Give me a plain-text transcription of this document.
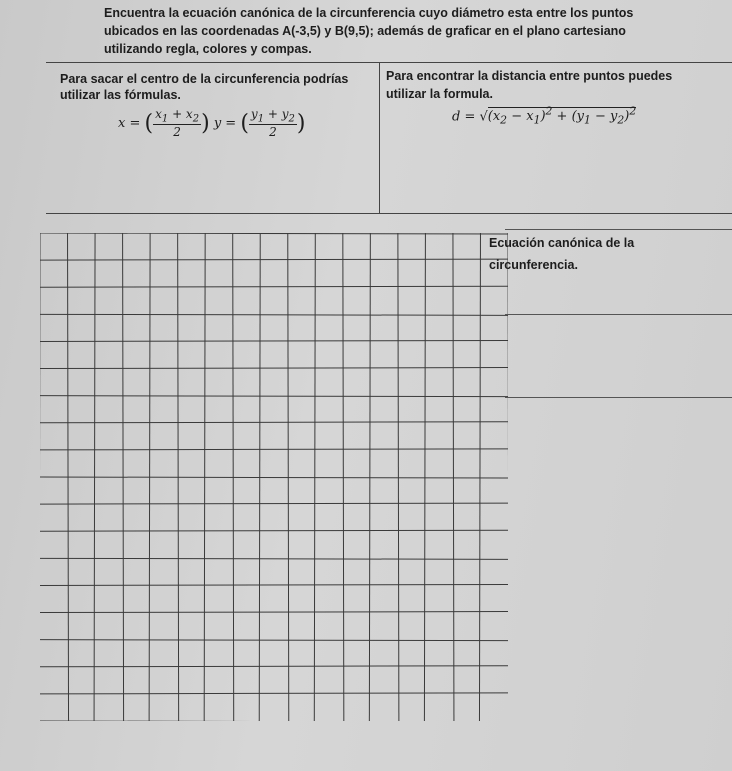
Encuentra la ecuación canónica de la circunferencia cuyo diámetro esta entre los puntos
ubicados en las coordenadas A(-3,5) y B(9,5); además de graficar en el plano cartesiano
utilizando regla, colores y compas.
Para sacar el centro de la circunferencia podrías
utilizar las fórmulas.
x = ( $\frac{x_1 + x_2}{2}$ ) y = ( $\frac{y_1 + y_2}{2}$ )
Para encontrar la distancia entre puntos puedes
utilizar la formula.
$d = √(x_2 - x_1)^2 + (y_1 - y_2)^2$
Ecuación canónica de la
circunferencia.
